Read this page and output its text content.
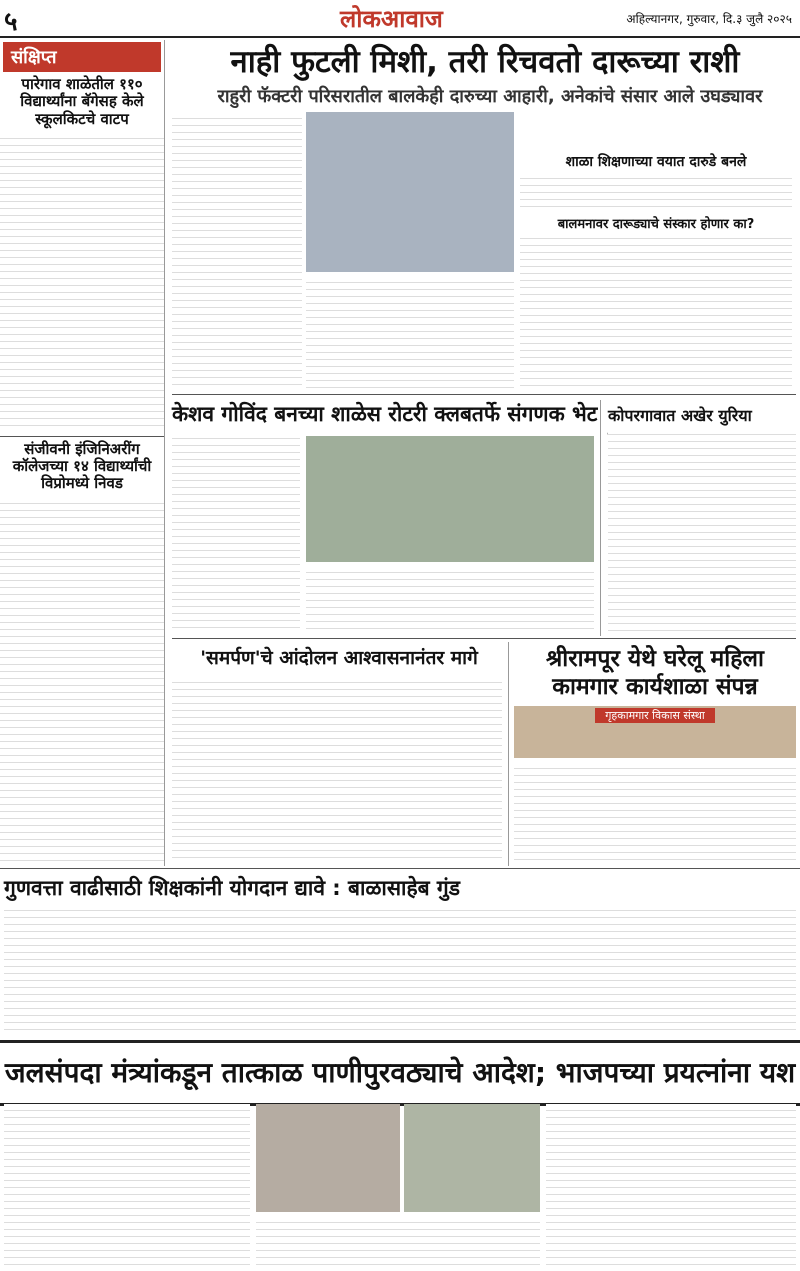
५	लोकआवाज	अहिल्यानगर, गुरुवार, दि.३ जुलै २०२५
संक्षिप्त
पारेगाव शाळेतील ११० विद्यार्थ्यांना बॅगेसह केले स्कूलकिटचे वाटप
संजीवनी इंजिनिअरींग कॉलेजच्या १४ विद्यार्थ्यांची विप्रोमध्ये निवड
नाही फुटली मिशी, तरी रिचवतो दारूच्या राशी
राहुरी फॅक्टरी परिसरातील बालकेही दारुच्या आहारी, अनेकांचे संसार आले उघड्यावर
शाळा शिक्षणाच्या वयात दारुडे बनले
बालमनावर दारूड्याचे संस्कार होणार का?
केशव गोविंद बनच्या शाळेस रोटरी क्लबतर्फे संगणक भेट कोपरगावात अखेर युरिया
'समर्पण'चे आंदोलन आश्वासनानंतर मागे	श्रीरामपूर येथे घरेलू महिला कामगार कार्यशाळा संपन्न
गृहकामगार विकास संस्था
गुणवत्ता वाढीसाठी शिक्षकांनी योगदान द्यावे : बाळासाहेब गुंड
जलसंपदा मंत्र्यांकडून तात्काळ पाणीपुरवठ्याचे आदेश; भाजपच्या प्रयत्नांना यश
